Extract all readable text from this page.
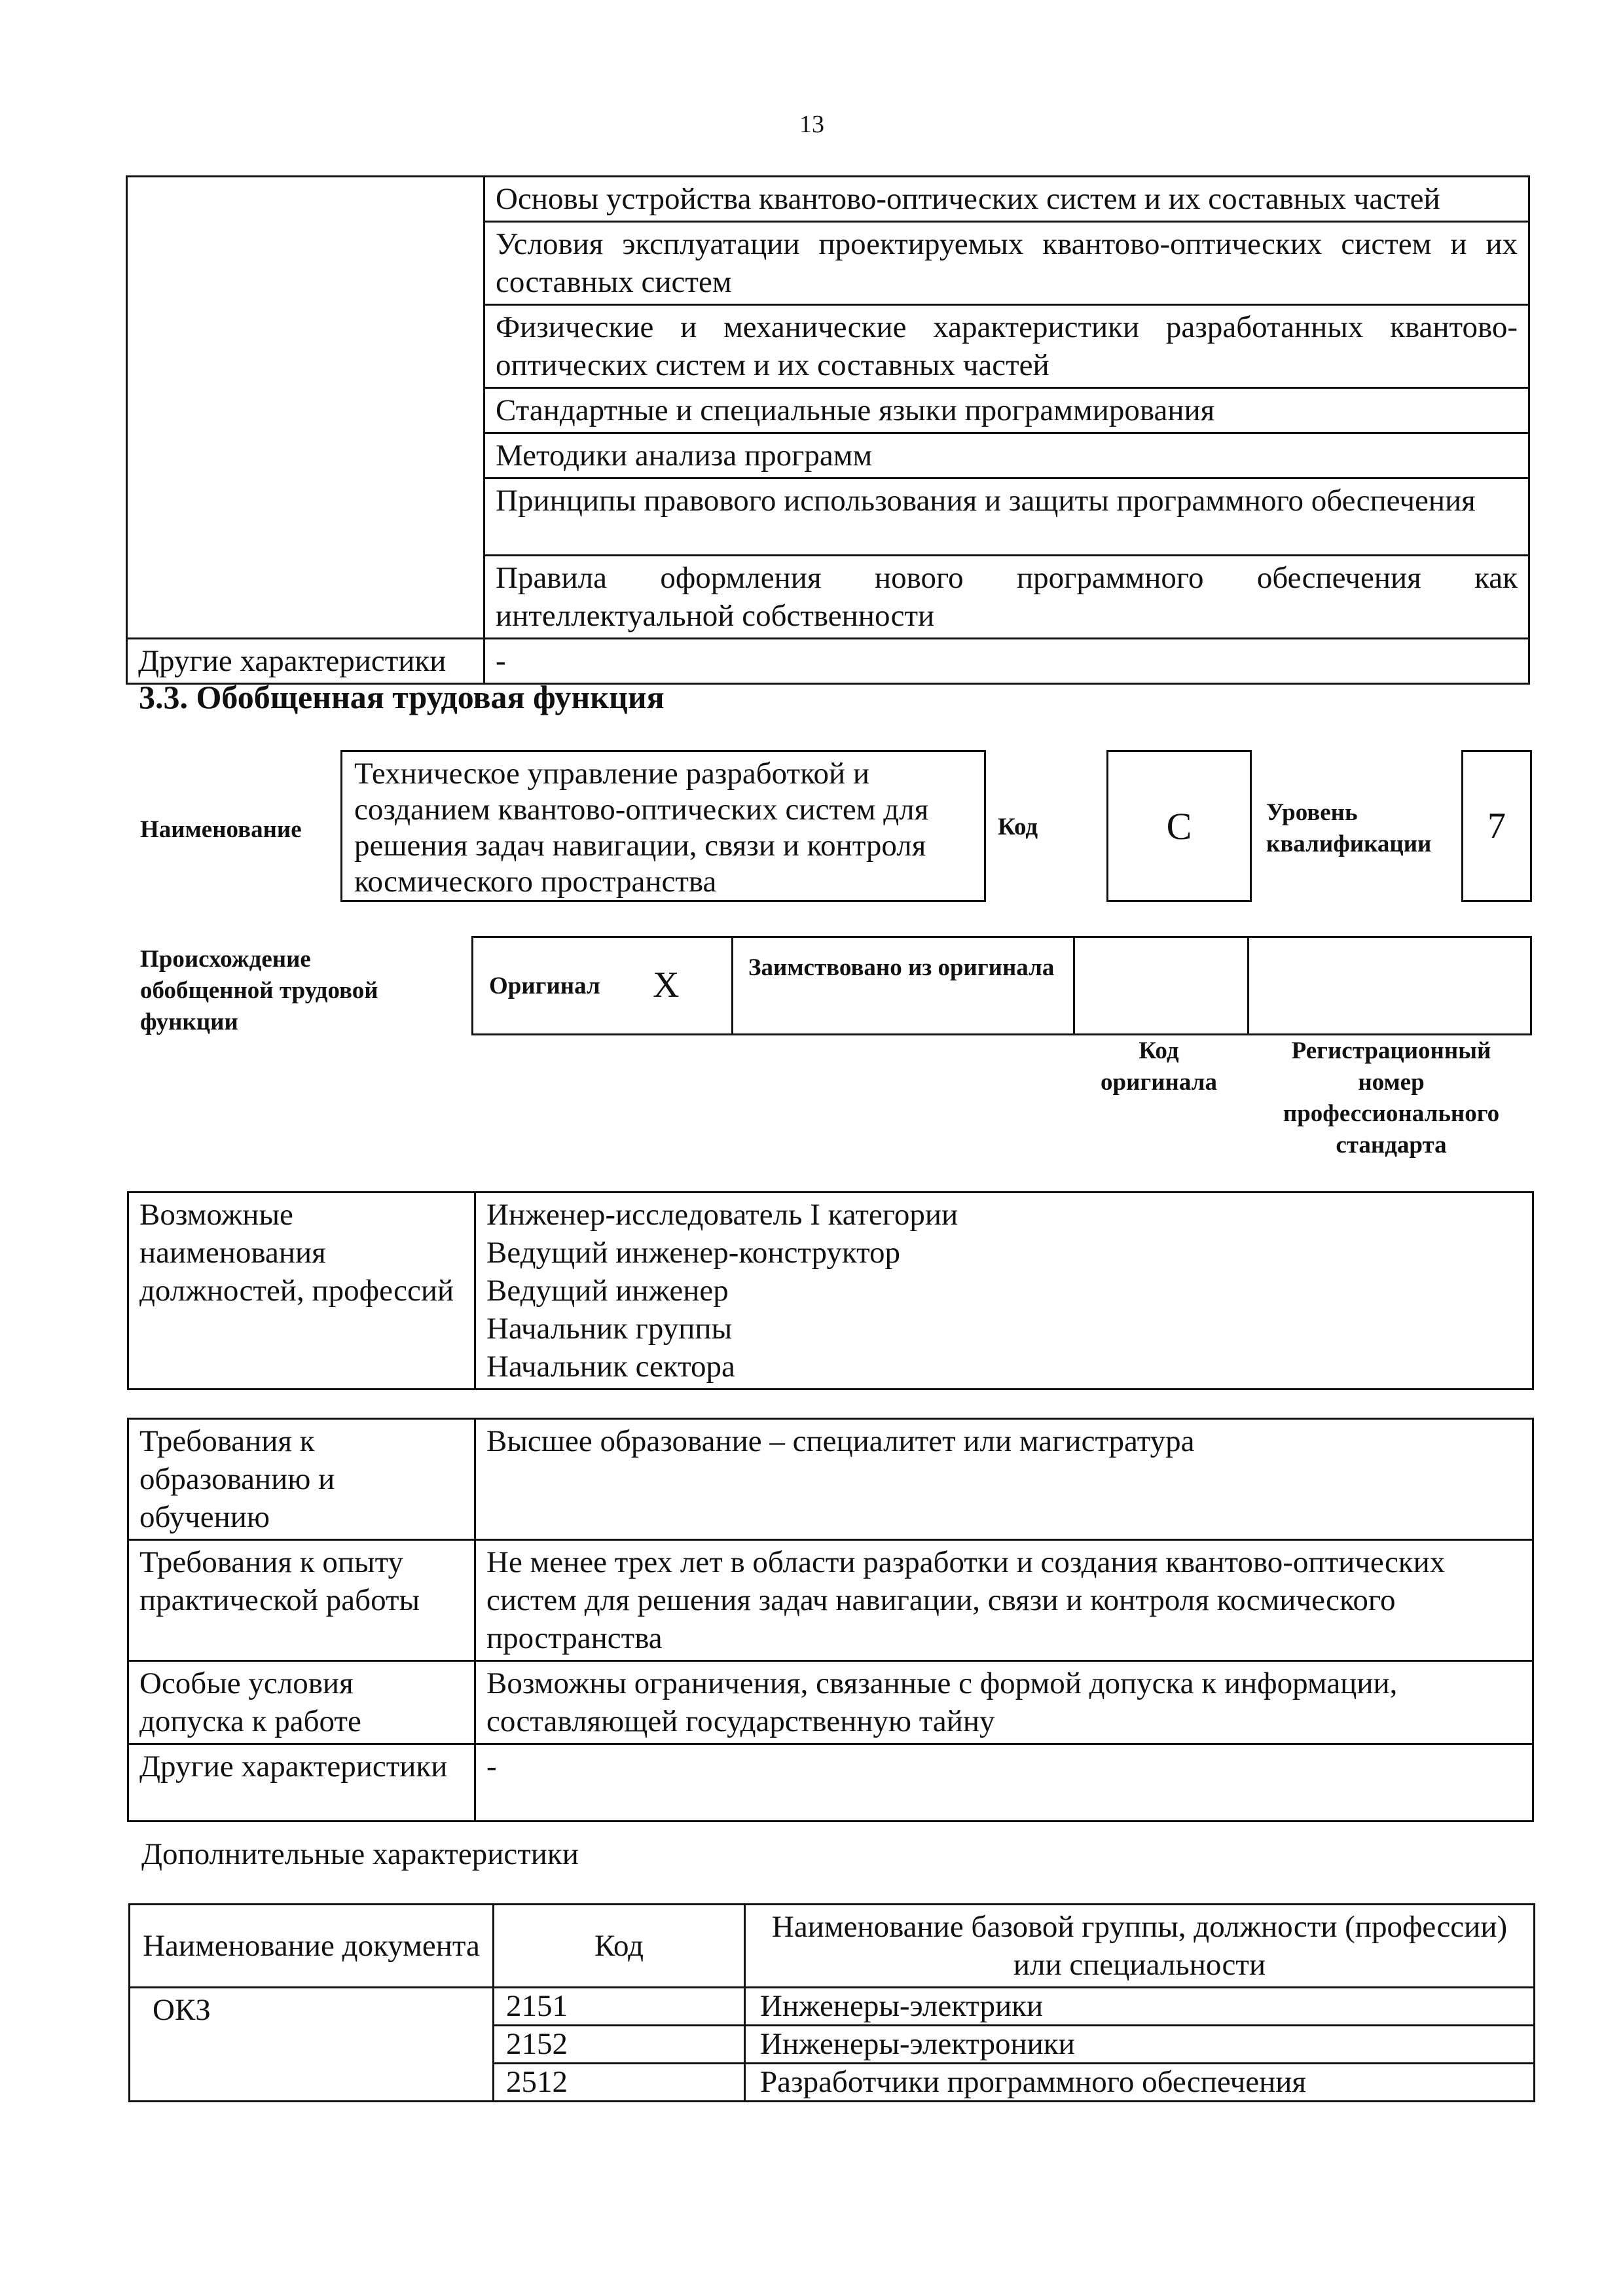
13
	Основы устройства квантово-оптических систем и их составных частей
	Условия эксплуатации проектируемых квантово-оптических систем и их составных систем
	Физические и механические характеристики разработанных квантово-оптических систем и их составных частей
	Стандартные и специальные языки программирования
	Методики анализа программ
	Принципы правового использования и защиты программного обеспечения
	Правила оформления нового программного обеспечения как интеллектуальной собственности
Другие характеристики	-
3.3. Обобщенная трудовая функция
Наименование
Техническое управление разработкой и созданием квантово-оптических систем для решения задач навигации, связи и контроля космического пространства
Код	C	Уровень квалификации 7
Происхождение обобщенной трудовой функции
Оригинал X	Заимствовано из оригинала
Код оригинала
Регистрационный номер профессионального стандарта
Возможные наименования должностей, профессий	
Инженер-исследователь I категории
Ведущий инженер-конструктор
Ведущий инженер
Начальник группы
Начальник сектора
Требования к образованию и обучению	Высшее образование – специалитет или магистратура
Требования к опыту практической работы	Не менее трех лет в области разработки и создания квантово-оптических систем для решения задач навигации, связи и контроля космического пространства
Особые условия допуска к работе	Возможны ограничения, связанные с формой допуска к информации, составляющей государственную тайну
Другие характеристики	-
Дополнительные характеристики
Наименование документа	Код	Наименование базовой группы, должности (профессии) или специальности
ОКЗ	2151	Инженеры-электрики
	2152	Инженеры-электроники
	2512	Разработчики программного обеспечения
